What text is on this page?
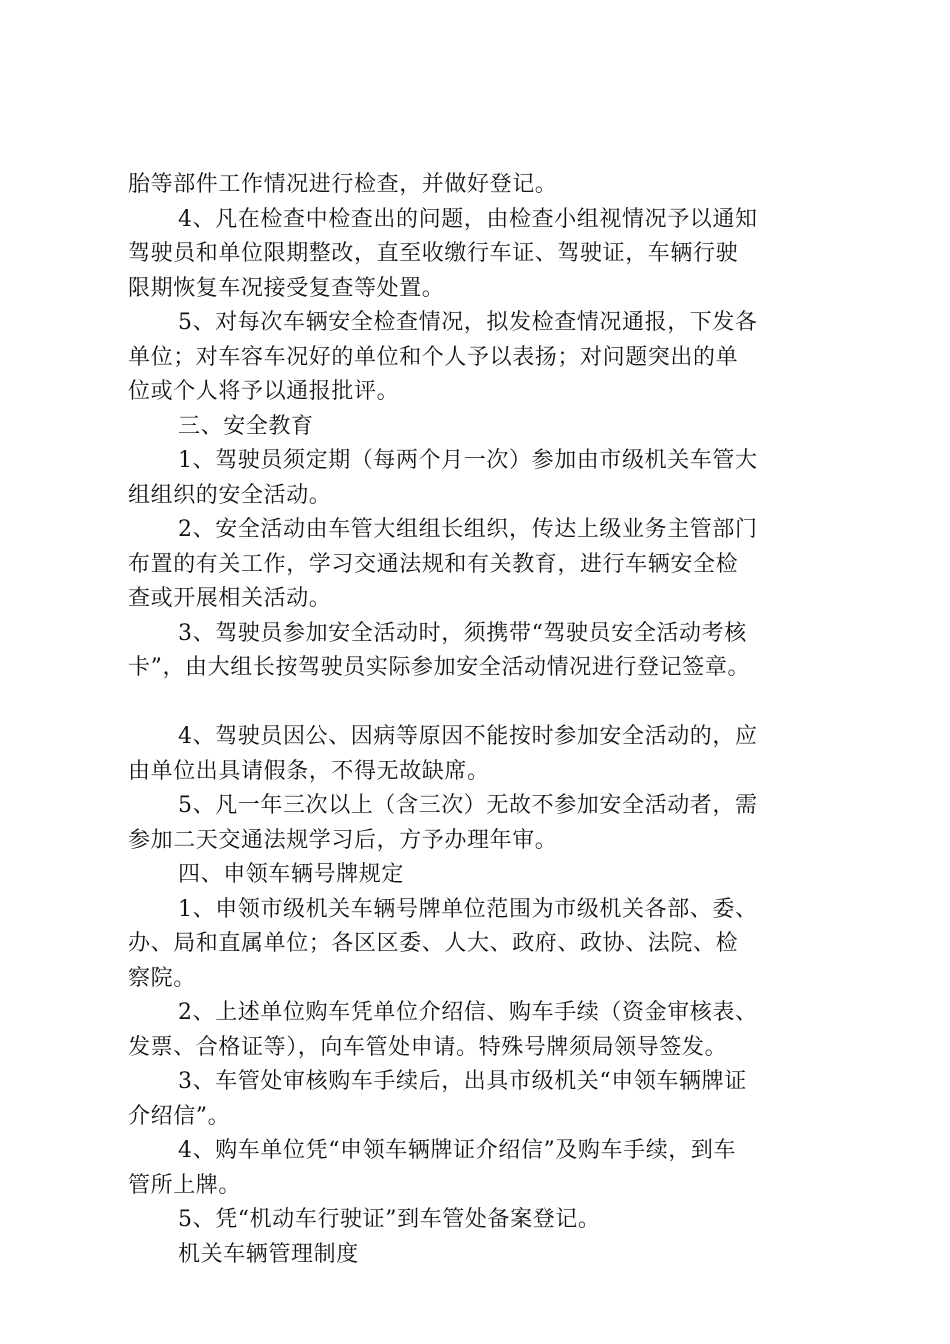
胎等部件工作情况进行检查，并做好登记。
4、凡在检查中检查出的问题，由检查小组视情况予以通知
驾驶员和单位限期整改，直至收缴行车证、驾驶证，车辆行驶
限期恢复车况接受复查等处置。
5、对每次车辆安全检查情况，拟发检查情况通报，下发各
单位；对车容车况好的单位和个人予以表扬；对问题突出的单
位或个人将予以通报批评。
三、安全教育
1、驾驶员须定期（每两个月一次）参加由市级机关车管大
组组织的安全活动。
2、安全活动由车管大组组长组织，传达上级业务主管部门
布置的有关工作，学习交通法规和有关教育，进行车辆安全检
查或开展相关活动。
3、驾驶员参加安全活动时，须携带“驾驶员安全活动考核
卡”，由大组长按驾驶员实际参加安全活动情况进行登记签章。
4、驾驶员因公、因病等原因不能按时参加安全活动的，应
由单位出具请假条，不得无故缺席。
5、凡一年三次以上（含三次）无故不参加安全活动者，需
参加二天交通法规学习后，方予办理年审。
四、申领车辆号牌规定
1、申领市级机关车辆号牌单位范围为市级机关各部、委、
办、局和直属单位；各区区委、人大、政府、政协、法院、检
察院。
2、上述单位购车凭单位介绍信、购车手续（资金审核表、
发票、合格证等），向车管处申请。特殊号牌须局领导签发。
3、车管处审核购车手续后，出具市级机关“申领车辆牌证
介绍信”。
4、购车单位凭“申领车辆牌证介绍信”及购车手续，到车
管所上牌。
5、凭“机动车行驶证”到车管处备案登记。
机关车辆管理制度
